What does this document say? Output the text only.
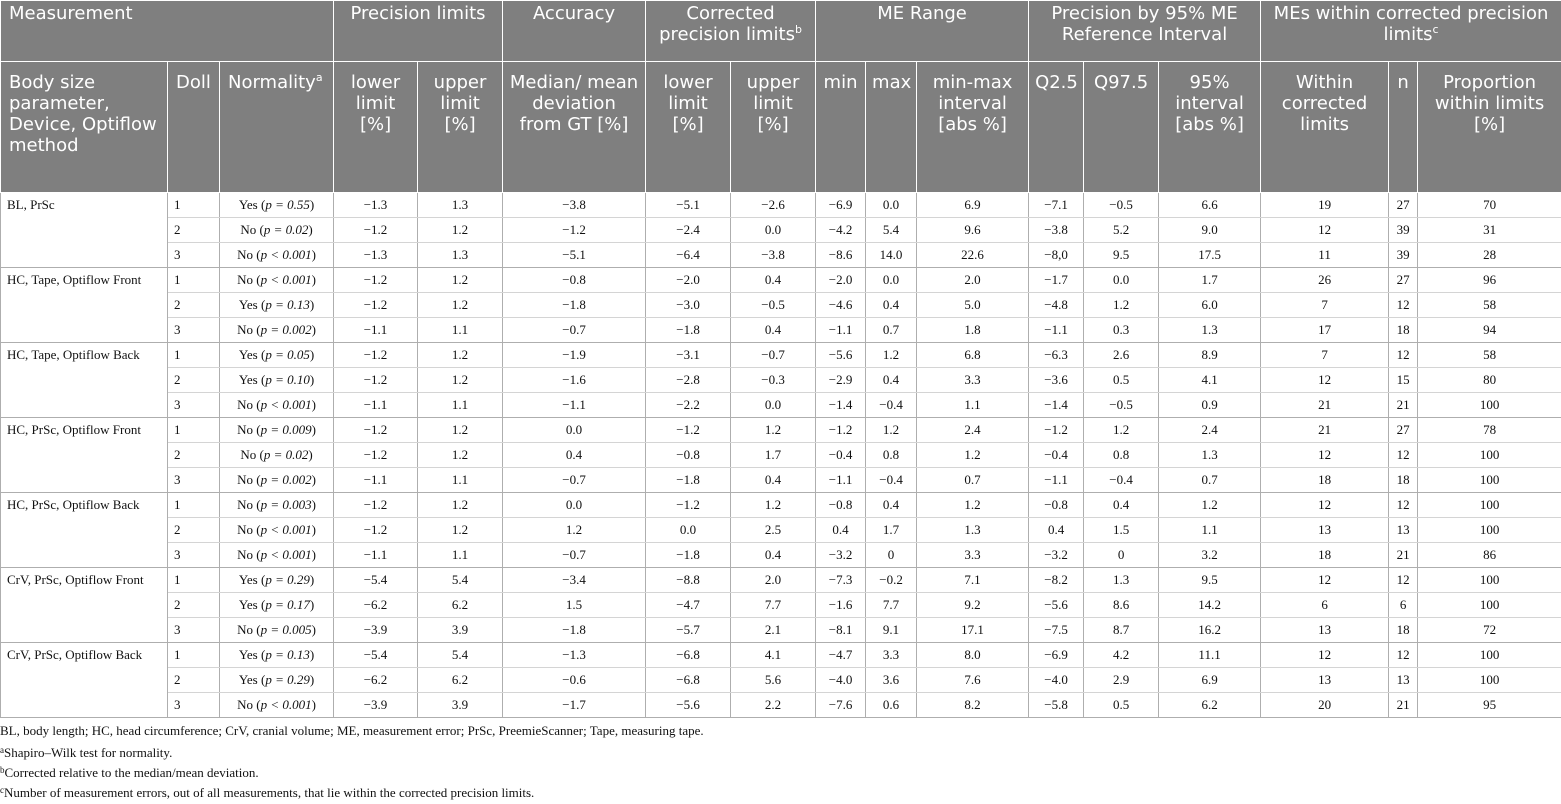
Measurement			Precision limits		Accuracy	Corrected precision limits$^b$		ME Range			Precision by 95% ME Reference Interval			MEs within corrected precision limits$^c$
Body size parameter, Device, Optiflow method	Doll	Normality$^a$	lower limit [%]	upper limit [%]	Median/ mean deviation from GT [%]	lower limit [%]	upper limit [%]	min	max	min-max interval [abs %]	Q2.5	Q97.5	95% interval [abs %]	Within corrected limits	n	Proportion within limits [%]
BL, PrSc	1	Yes (p = 0.55)	−1.3	1.3	−3.8	−5.1	−2.6	−6.9	0.0	6.9	−7.1	−0.5	6.6	19	27	70
	2	No (p = 0.02)	−1.2	1.2	−1.2	−2.4	0.0	−4.2	5.4	9.6	−3.8	5.2	9.0	12	39	31
	3	No (p < 0.001)	−1.3	1.3	−5.1	−6.4	−3.8	−8.6	14.0	22.6	−8,0	9.5	17.5	11	39	28
HC, Tape, Optiflow Front	1	No (p < 0.001)	−1.2	1.2	−0.8	−2.0	0.4	−2.0	0.0	2.0	−1.7	0.0	1.7	26	27	96
	2	Yes (p = 0.13)	−1.2	1.2	−1.8	−3.0	−0.5	−4.6	0.4	5.0	−4.8	1.2	6.0	7	12	58
	3	No (p = 0.002)	−1.1	1.1	−0.7	−1.8	0.4	−1.1	0.7	1.8	−1.1	0.3	1.3	17	18	94
HC, Tape, Optiflow Back	1	Yes (p = 0.05)	−1.2	1.2	−1.9	−3.1	−0.7	−5.6	1.2	6.8	−6.3	2.6	8.9	7	12	58
	2	Yes (p = 0.10)	−1.2	1.2	−1.6	−2.8	−0.3	−2.9	0.4	3.3	−3.6	0.5	4.1	12	15	80
	3	No (p < 0.001)	−1.1	1.1	−1.1	−2.2	0.0	−1.4	−0.4	1.1	−1.4	−0.5	0.9	21	21	100
HC, PrSc, Optiflow Front	1	No (p = 0.009)	−1.2	1.2	0.0	−1.2	1.2	−1.2	1.2	2.4	−1.2	1.2	2.4	21	27	78
	2	No (p = 0.02)	−1.2	1.2	0.4	−0.8	1.7	−0.4	0.8	1.2	−0.4	0.8	1.3	12	12	100
	3	No (p = 0.002)	−1.1	1.1	−0.7	−1.8	0.4	−1.1	−0.4	0.7	−1.1	−0.4	0.7	18	18	100
HC, PrSc, Optiflow Back	1	No (p = 0.003)	−1.2	1.2	0.0	−1.2	1.2	−0.8	0.4	1.2	−0.8	0.4	1.2	12	12	100
	2	No (p < 0.001)	−1.2	1.2	1.2	0.0	2.5	0.4	1.7	1.3	0.4	1.5	1.1	13	13	100
	3	No (p < 0.001)	−1.1	1.1	−0.7	−1.8	0.4	−3.2	0	3.3	−3.2	0	3.2	18	21	86
CrV, PrSc, Optiflow Front	1	Yes (p = 0.29)	−5.4	5.4	−3.4	−8.8	2.0	−7.3	−0.2	7.1	−8.2	1.3	9.5	12	12	100
	2	Yes (p = 0.17)	−6.2	6.2	1.5	−4.7	7.7	−1.6	7.7	9.2	−5.6	8.6	14.2	6	6	100
	3	No (p = 0.005)	−3.9	3.9	−1.8	−5.7	2.1	−8.1	9.1	17.1	−7.5	8.7	16.2	13	18	72
CrV, PrSc, Optiflow Back	1	Yes (p = 0.13)	−5.4	5.4	−1.3	−6.8	4.1	−4.7	3.3	8.0	−6.9	4.2	11.1	12	12	100
	2	Yes (p = 0.29)	−6.2	6.2	−0.6	−6.8	5.6	−4.0	3.6	7.6	−4.0	2.9	6.9	13	13	100
	3	No (p < 0.001)	−3.9	3.9	−1.7	−5.6	2.2	−7.6	0.6	8.2	−5.8	0.5	6.2	20	21	95

BL, body length; HC, head circumference; CrV, cranial volume; ME, measurement error; PrSc, PreemieScanner; Tape, measuring tape.

$^a$Shapiro–Wilk test for normality.

$^b$Corrected relative to the median/mean deviation.

$^c$Number of measurement errors, out of all measurements, that lie within the corrected precision limits.
